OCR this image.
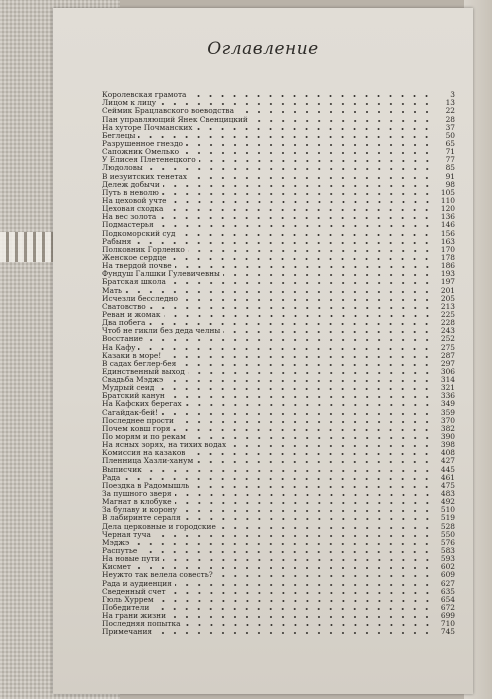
Оглавление
Королевская грамота	3
Лицом к лицу	13
Сеймик Брацлавского воеводства	22
Пан управляющий Янек Свенцицкий	28
На хуторе Почманских	37
Беглецы	50
Разрушенное гнездо	65
Сапожник Омелько	71
У Елисея Плетенецкого	77
Людоловы	85
В иезуитских тенетах	91
Дележ добычи	98
Путь в неволю	105
На цеховой учте	110
Цеховая сходка	120
На вес золота	136
Подмастерья	146
Подкоморский суд	156
Рабыня	163
Полковник Горленко	170
Женское сердце	178
На твердой почве	186
Фундуш Галшки Гулевичевны	193
Братская школа	197
Мать	201
Исчезли бесследно	205
Сватовство	213
Реван и жомак	225
Два побега	228
Чтоб не гикли без деда челны	243
Восстание	252
На Кафу	275
Казаки в море!	287
В садах беглер-бея	297
Единственный выход	306
Свадьба Мэджэ	314
Мудрый сеид	321
Братский канун	336
На Кафских берегах	349
Сагайдак-бей!	359
Последнее прости	370
Почем ковш горя	382
По морям и по рекам	390
На ясных зорях, на тихих водах	398
Комиссия на казаков	408
Пленница Хазли-ханум	427
Выписчик	445
Рада	461
Поездка в Радомышль	475
За пушного зверя	483
Магнат в клобуке	492
За булаву и корону	510
В лабиринте сераля	519
Дела церковные и городские	528
Черная туча	550
Мэджэ	576
Распутье	583
На новые пути	593
Кисмет	602
Неужто так велела совесть?	609
Рада и аудиенция	627
Сведенный счет	635
Гюль Хуррем	654
Победители	672
На грани жизни	699
Последняя попытка	710
Примечания	745
